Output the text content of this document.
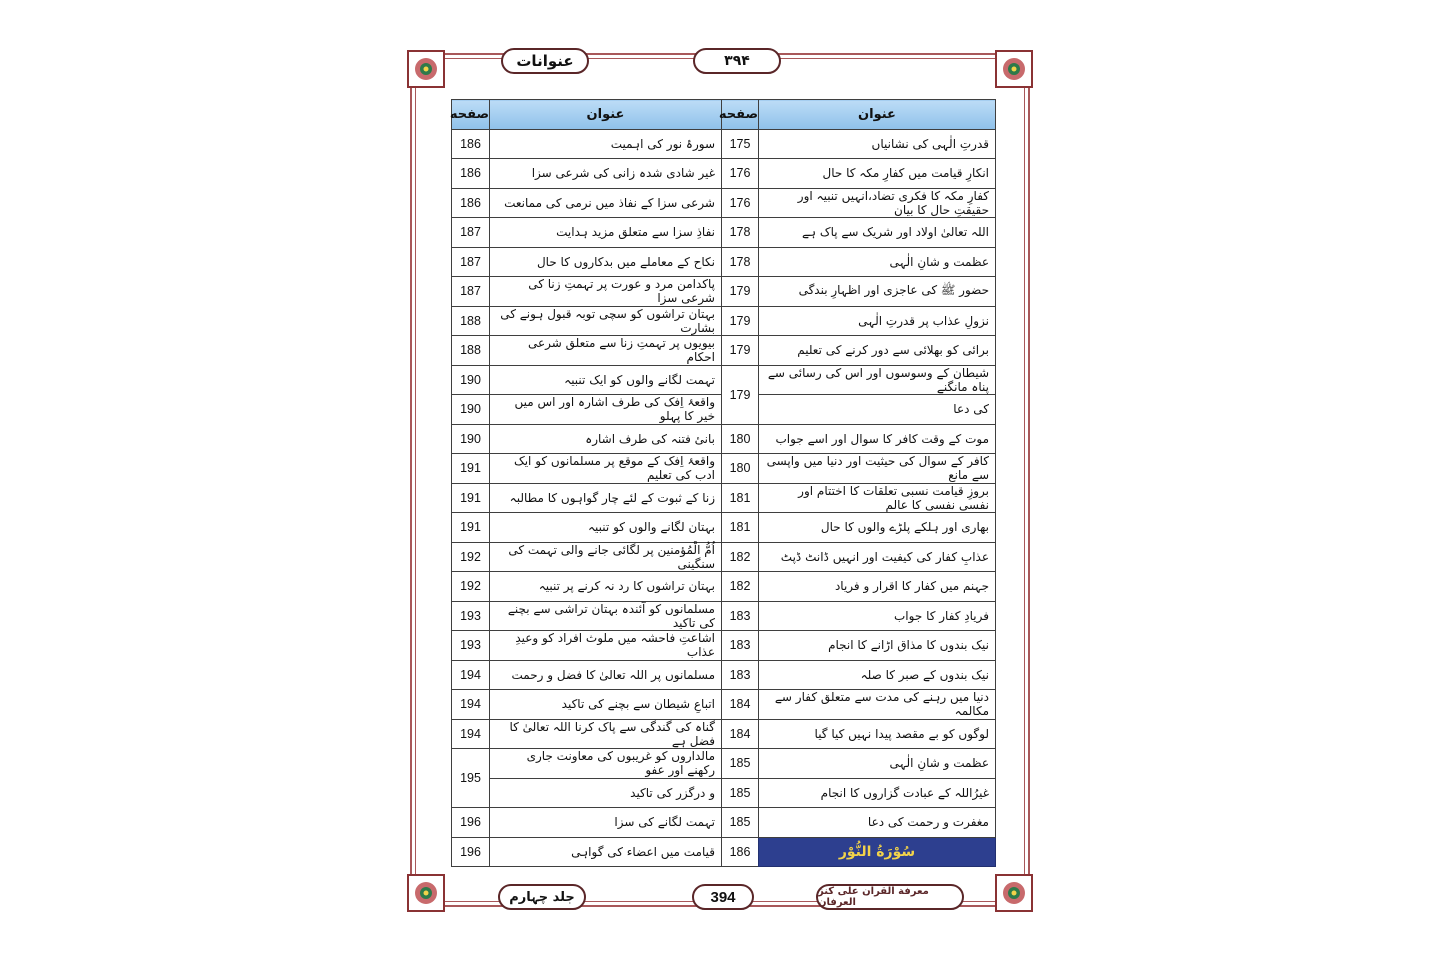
عنوانات	۳۹۴
عنوان	صفحه		عنوان	صفحه
قدرتِ الٰہی کی نشانیاں	175		سورۂ نور کی اہمیت	186
انکارِ قیامت میں کفارِ مکہ کا حال	176		غیر شادی شدہ زانی کی شرعی سزا	186
کفارِ مکہ کا فکری تضاد،انہیں تنبیہ اور حقیقتِ حال کا بیان	176		شرعی سزا کے نفاذ میں نرمی کی ممانعت	186
اللہ تعالیٰ اولاد اور شریک سے پاک ہے	178		نفاذِ سزا سے متعلق مزید ہدایت	187
عظمت و شانِ الٰہی	178		نکاح کے معاملے میں بدکاروں کا حال	187
حضور ﷺ کی عاجزی اور اظہارِ بندگی	179		پاکدامن مرد و عورت پر تہمتِ زنا کی شرعی سزا	187
نزولِ عذاب پر قدرتِ الٰہی	179		بہتان تراشوں کو سچی توبہ قبول ہونے کی بشارت	188
برائی کو بھلائی سے دور کرنے کی تعلیم	179		بیویوں پر تہمتِ زنا سے متعلق شرعی احکام	188
شیطان کے وسوسوں اور اس کی رسائی سے پناہ مانگنے	179		تہمت لگانے والوں کو ایک تنبیہ	190
کی دعا		واقعۂ اِفک کی طرف اشارہ اور اس میں خیر کا پہلو	190
موت کے وقت کافر کا سوال اور اسے جواب	180		بانیٔ فتنہ کی طرف اشارہ	190
کافر کے سوال کی حیثیت اور دنیا میں واپسی سے مانع	180		واقعۂ اِفک کے موقع پر مسلمانوں کو ایک ادب کی تعلیم	191
بروزِ قیامت نسبی تعلقات کا اختتام اور نفسی نفسی کا عالم	181		زنا کے ثبوت کے لئے چار گواہوں کا مطالبہ	191
بھاری اور ہلکے پلڑے والوں کا حال	181		بہتان لگانے والوں کو تنبیہ	191
عذابِ کفار کی کیفیت اور انہیں ڈانٹ ڈپٹ	182		اُمُّ الْمُؤمنین پر لگائی جانے والی تہمت کی سنگینی	192
جہنم میں کفار کا اقرار و فریاد	182		بہتان تراشوں کا رد نہ کرنے پر تنبیہ	192
فریادِ کفار کا جواب	183		مسلمانوں کو آئندہ بہتان تراشی سے بچنے کی تاکید	193
نیک بندوں کا مذاق اڑانے کا انجام	183		اشاعتِ فاحشہ میں ملوث افراد کو وعیدِ عذاب	193
نیک بندوں کے صبر کا صلہ	183		مسلمانوں پر اللہ تعالیٰ کا فضل و رحمت	194
دنیا میں رہنے کی مدت سے متعلق کفار سے مکالمہ	184		اتباعِ شیطان سے بچنے کی تاکید	194
لوگوں کو بے مقصد پیدا نہیں کیا گیا	184		گناہ کی گندگی سے پاک کرنا اللہ تعالیٰ کا فضل ہے	194
عظمت و شانِ الٰہی	185		مالداروں کو غریبوں کی معاونت جاری رکھنے اور عفو	195
غیرُاللہ کے عبادت گزاروں کا انجام	185		و درگزر کی تاکید	
مغفرت و رحمت کی دعا	185		تہمت لگانے کی سزا	196
سُوْرَةُ النُّوْر	186		قیامت میں اعضاء کی گواہی	196
معرفة القرآن على كنز العرفان
394
جلد چہارم
